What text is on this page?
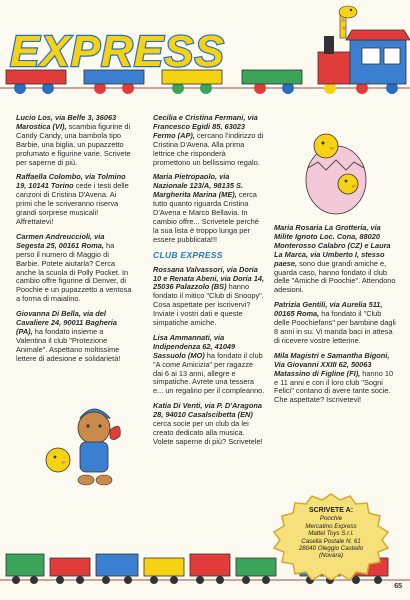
EXPRESS

Lucio Los, via Belfe 3, 36063 Marostica (VI), scambia figurine di Candy Candy, una bambola tipo Barbie, una biglia, un pupazzetto profumato e figurine varie. Scrivete per saperne di più.

Raffaella Colombo, via Tolmino 19, 10141 Torino cede i testi delle canzoni di Cristina D'Avena. Ai primi che le scriveranno riserva grandi sorprese musicali! Affrettatevi!

Carmen Andreuccioli, via Segesta 25, 00161 Roma, ha perso il numero di Maggio di Barbie. Potete aiutarla? Cerca anche la scuola di Polly Pocket. In cambio offre figurine di Denver, di Poochie e un pupazzetto a ventosa a forma di maialino.

Giovanna Di Bella, via del Cavaliere 24, 90011 Bagheria (PA), ha fondato insieme a Valentina il club "Protezione Animale". Aspettano moltissime lettere di adesione e solidarietà!

Cecilia e Cristina Fermani, via Francesco Egidi 85, 63023 Fermo (AP), cercano l'indirizzo di Cristina D'Avena. Alla prima lettrice che risponderà promettono un bellissimo regalo.

Maria Pietropaolo, via Nazionale 123/A, 98135 S. Margherita Marina (ME), cerca tutto quanto riguarda Cristina D'Avena e Marco Bellavia. In cambio offre... Scrivetele perché la sua lista è troppo lunga per essere pubblicata!!!

CLUB EXPRESS

Rossana Valvassori, via Doria 10 e Renata Abeni, via Doria 14, 25036 Palazzolo (BS) hanno fondato il mitico "Club di Snoopy". Cosa aspettate per iscrivervi? Inviate i vostri dati e queste simpatiche amiche.

Lisa Ammannati, via Indipendenza 62, 41049 Sassuolo (MO) ha fondato il club "A come Amicizia" per ragazze dai 6 ai 13 anni, allegre e simpatiche. Avrete una tessera e... un regalino per il compleanno.

Katia Di Venti, via P. D'Aragona 28, 94010 Casalscibetta (EN) cerca socie per un club da lei creato dedicato alla musica. Volete saperne di più? Scrivetele!

Maria Rosaria La Grotteria, via Milite Ignoto Loc. Cona, 88020 Monterosso Calabro (CZ) e Laura La Marca, via Umberto I, stesso paese, sono due grandi amiche e, guarda caso, hanno fondato il club delle "Amiche di Poochie". Attendono adesioni.

Patrizia Gentili, via Aurelia 511, 00165 Roma, ha fondato il "Club delle Poochiefans" per bambine dagli 8 anni in su. Vi manda baci in attesa di ricevere vostre letterine.

Mila Magistri e Samantha Bigoni, Via Giovanni XXIII 62, 50063 Matassino di Figline (FI), hanno 10 e 11 anni e con il loro club "Sogni Felici" contano di avere tante socie. Che aspettate? Iscrivetevi!

SCRIVETE A:
Poochie
Mercatino Express
Mattel Toys S.r.l.
Casella Postale N. 61
28040 Oleggio Castello
(Novara)
65
